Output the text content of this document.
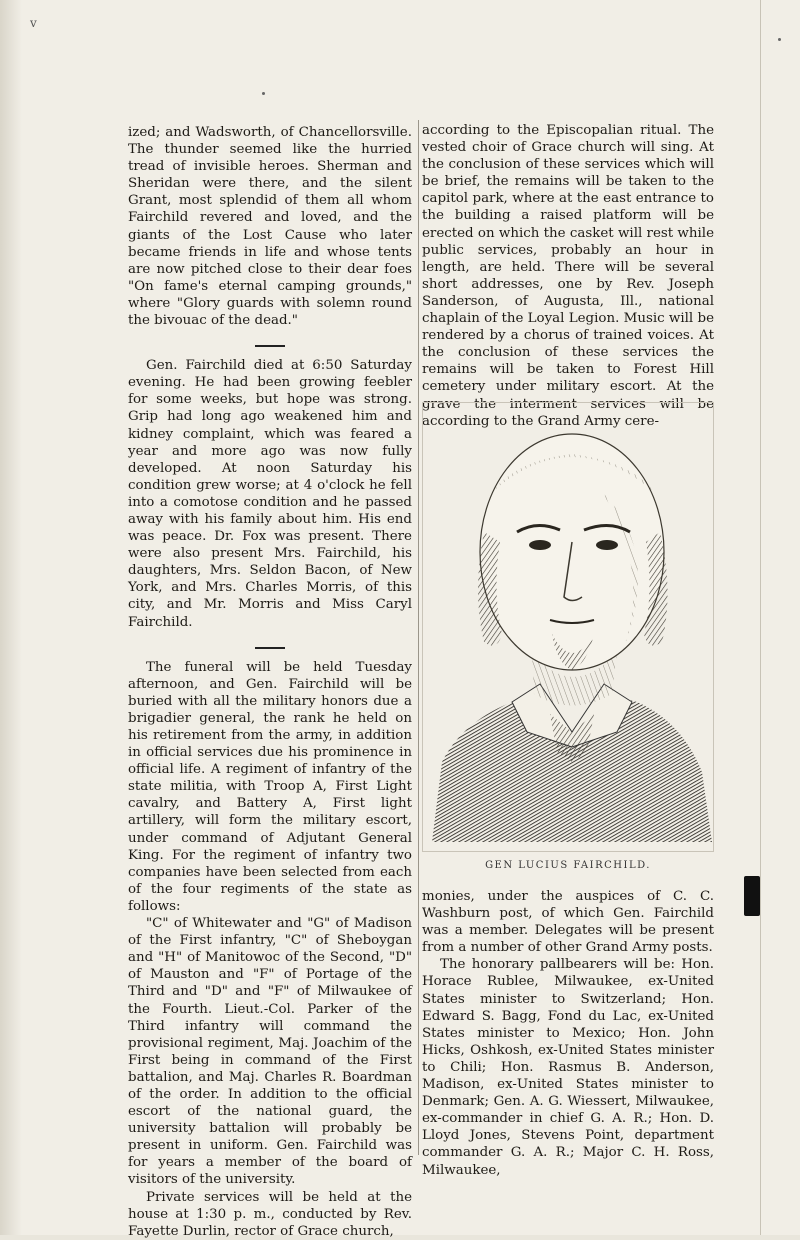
v

ized; and Wadsworth, of Chancellorsville. The thunder seemed like the hurried tread of invisible heroes. Sherman and Sheridan were there, and the silent Grant, most splendid of them all whom Fairchild revered and loved, and the giants of the Lost Cause who later became friends in life and whose tents are now pitched close to their dear foes "On fame's eternal camping grounds," where "Glory guards with solemn round the bivouac of the dead."

Gen. Fairchild died at 6:50 Saturday evening. He had been growing feebler for some weeks, but hope was strong. Grip had long ago weakened him and kidney complaint, which was feared a year and more ago was now fully developed. At noon Saturday his condition grew worse; at 4 o'clock he fell into a comotose condition and he passed away with his family about him. His end was peace. Dr. Fox was present. There were also present Mrs. Fairchild, his daughters, Mrs. Seldon Bacon, of New York, and Mrs. Charles Morris, of this city, and Mr. Morris and Miss Caryl Fairchild.

The funeral will be held Tuesday afternoon, and Gen. Fairchild will be buried with all the military honors due a brigadier general, the rank he held on his retirement from the army, in addition in official services due his prominence in official life. A regiment of infantry of the state militia, with Troop A, First Light cavalry, and Battery A, First light artillery, will form the military escort, under command of Adjutant General King. For the regiment of infantry two companies have been selected from each of the four regiments of the state as follows:

"C" of Whitewater and "G" of Madison of the First infantry, "C" of Sheboygan and "H" of Manitowoc of the Second, "D" of Mauston and "F" of Portage of the Third and "D" and "F" of Milwaukee of the Fourth. Lieut.-Col. Parker of the Third infantry will command the provisional regiment, Maj. Joachim of the First being in command of the First battalion, and Maj. Charles R. Boardman of the order. In addition to the official escort of the national guard, the university battalion will probably be present in uniform. Gen. Fairchild was for years a member of the board of visitors of the university.

Private services will be held at the house at 1:30 p. m., conducted by Rev. Fayette Durlin, rector of Grace church,

according to the Episcopalian ritual. The vested choir of Grace church will sing. At the conclusion of these services which will be brief, the remains will be taken to the capitol park, where at the east entrance to the building a raised platform will be erected on which the casket will rest while public services, probably an hour in length, are held. There will be several short addresses, one by Rev. Joseph Sanderson, of Augusta, Ill., national chaplain of the Loyal Legion. Music will be rendered by a chorus of trained voices. At the conclusion of these services the remains will be taken to Forest Hill cemetery under military escort. At the grave the interment services will be according to the Grand Army cere-

GEN LUCIUS FAIRCHILD.

monies, under the auspices of C. C. Washburn post, of which Gen. Fairchild was a member. Delegates will be present from a number of other Grand Army posts.

The honorary pallbearers will be: Hon. Horace Rublee, Milwaukee, ex-United States minister to Switzerland; Hon. Edward S. Bagg, Fond du Lac, ex-United States minister to Mexico; Hon. John Hicks, Oshkosh, ex-United States minister to Chili; Hon. Rasmus B. Anderson, Madison, ex-United States minister to Denmark; Gen. A. G. Wiessert, Milwaukee, ex-commander in chief G. A. R.; Hon. D. Lloyd Jones, Stevens Point, department commander G. A. R.; Major C. H. Ross, Milwaukee,
